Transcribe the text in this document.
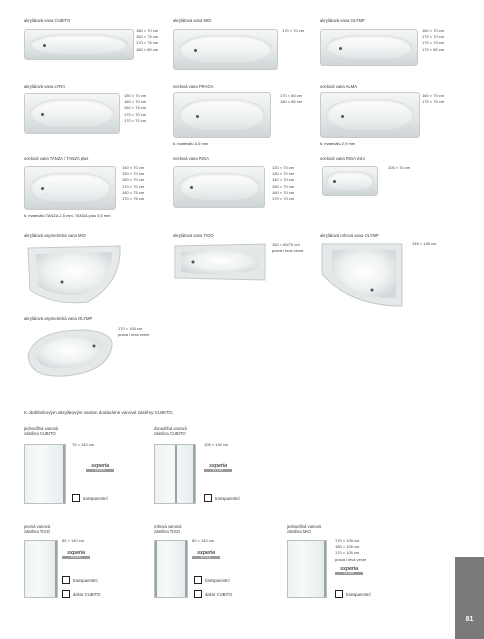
akrylátová vana CUBITO
180 × 70 cm
160 × 75 cm
170 × 75 cm
180 × 80 cm
akrylátová vana MIO
170 × 70 cm
akrylátová vana OLYMP
160 × 70 cm
170 × 70 cm
170 × 75 cm
170 × 80 cm
akrylátová vana LYRA
150 × 70 cm
160 × 70 cm
160 × 75 cm
170 × 70 cm
170 × 75 cm
ocelová vana PRAGA
170 × 80 cm
180 × 80 cm
tl. materiálu 3,5 mm
ocelová vana ALMA
160 × 75 cm
170 × 75 cm
tl. materiálu 2,9 mm
ocelová vana TANZA / TANZA plus
140 × 70 cm
150 × 70 cm
160 × 70 cm
170 × 70 cm
160 × 75 cm
170 × 75 cm
tl. materiálu TANZA 2,5 mm, TANZA plus 3,5 mm
ocelová vana RIGA
120 × 70 cm
130 × 70 cm
140 × 70 cm
150 × 70 cm
160 × 70 cm
170 × 70 cm
ocelová vana RIGA mini
105 × 70 cm
akrylátová asymetrická vana MIO	akrylátová vana TIGO
160 × 80/70 cm
pravá i levá verze
akrylátová rohová vana OLYMP
145 × 145 cm
akrylátová asymetrická vana OLYMP
170 × 100 cm
pravá i levá verze
K obdélníkovým akrylátovým vanám dodáváme vanové zástěny CUBITO:
jednodílná vanová
zástěna CUBITO
75 × 140 cm
sxperia
GLASS
transparentní
dvoudílná vanová
zástěna CUBITO
105 × 140 cm
sxperia
GLASS
transparentní
pevná vanová
zástěna TIGO
80 × 140 cm
sxperia
GLASS
transparentní
dekor CUBITO
rohová vanová
zástěna TIGO
80 × 140 cm
sxperia
GLASS
transparentní
dekor CUBITO
jednodílná vanová
zástěna MIO
170 × 105 cm
160 × 105 cm
170 × 105 cm
pravá i levá verze
sxperia
GLASS
transparentní
81
